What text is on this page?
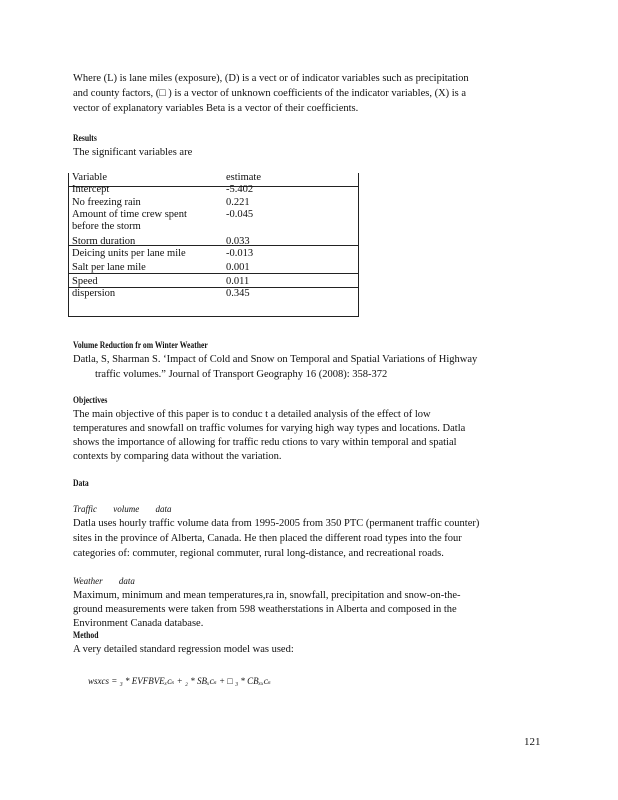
Where (L) is lane miles (exposure), (D) is a vect or of indicator variables such as precipitation
and county factors, (□ ) is a vector of unknown coefficients of the indicator variables, (X) is a
vector of explanatory variables Beta is a vector of their coefficients.
Results
The significant variables are
Variable	estimate
Intercept	-5.402
No freezing rain	0.221
Amount of time crew spent	-0.045
before the storm	
Storm duration	0.033
Deicing units per lane mile	-0.013
Salt per lane mile	0.001
Speed	0.011
dispersion	0.345
Volume Reduction fr om Winter Weather
Datla, S, Sharman S. ‘Impact of Cold and Snow on Temporal and Spatial Variations of Highway
traffic volumes.” Journal of Transport Geography 16 (2008): 358-372
Objectives
The main objective of this paper is to conduc t a detailed analysis of the effect of low
temperatures and snowfall on traffic volumes for varying high way types and locations. Datla
shows the importance of allowing for traffic redu ctions to vary within temporal and spatial
contexts by comparing data without the variation.
Data
Traffic volume data
Datla uses hourly traffic volume data from 1995-2005 from 350 PTC (permanent traffic counter)
sites in the province of Alberta, Canada. He then placed the different road types into the four
categories of: commuter, regional commuter, rural long-distance, and recreational roads.
Weather data
Maximum, minimum and mean temperatures,ra in, snowfall, precipitation and snow-on-the-
ground measurements were taken from 598 weatherstations in Alberta and composed in the
Environment Canada database.
Method
A very detailed standard regression model was used:
wsxcs = ₃ * EVFBVEₓᴄₛ + ₂ * SBₓᴄₛ + □ ₃ * CBₓₓᴄₛ
121
